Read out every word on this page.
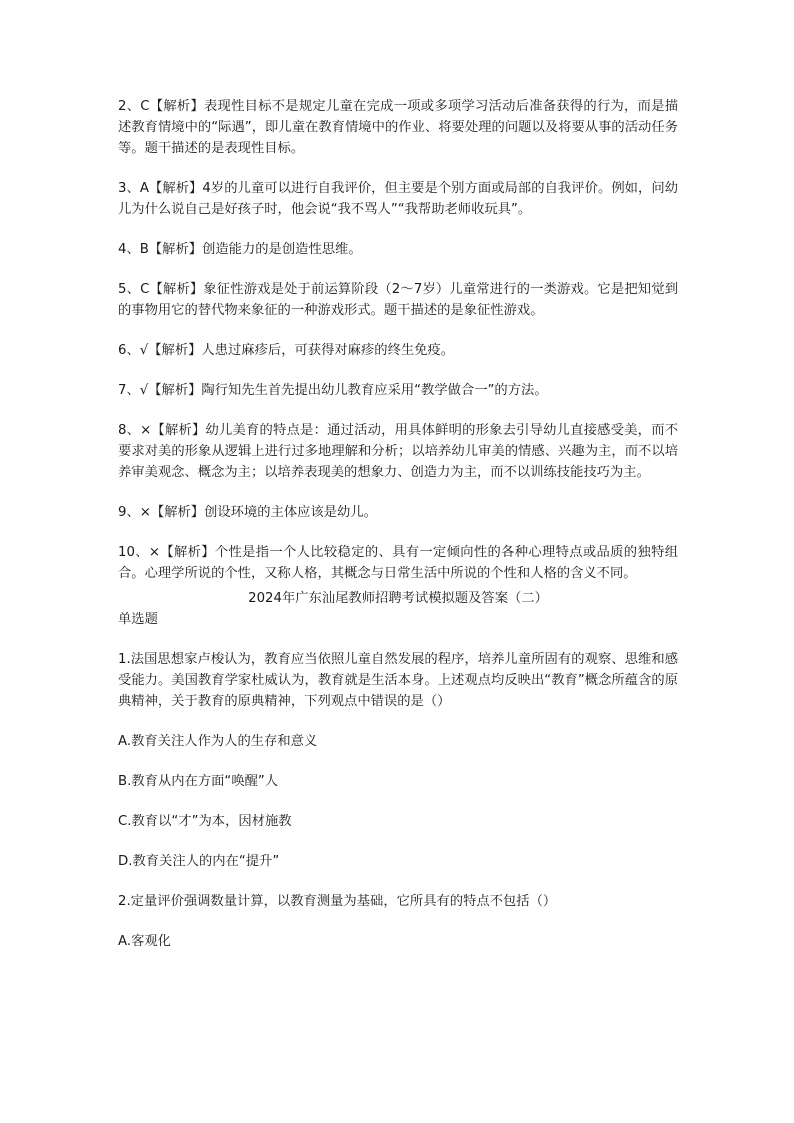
2、C【解析】表现性目标不是规定儿童在完成一项或多项学习活动后准备获得的行为，而是描述教育情境中的“际遇”，即儿童在教育情境中的作业、将要处理的问题以及将要从事的活动任务等。题干描述的是表现性目标。

3、A【解析】4岁的儿童可以进行自我评价，但主要是个别方面或局部的自我评价。例如，问幼儿为什么说自己是好孩子时，他会说“我不骂人”“我帮助老师收玩具”。

4、B【解析】创造能力的是创造性思维。

5、C【解析】象征性游戏是处于前运算阶段（2～7岁）儿童常进行的一类游戏。它是把知觉到的事物用它的替代物来象征的一种游戏形式。题干描述的是象征性游戏。

6、√【解析】人患过麻疹后，可获得对麻疹的终生免疫。

7、√【解析】陶行知先生首先提出幼儿教育应采用“教学做合一”的方法。

8、×【解析】幼儿美育的特点是：通过活动，用具体鲜明的形象去引导幼儿直接感受美，而不要求对美的形象从逻辑上进行过多地理解和分析；以培养幼儿审美的情感、兴趣为主，而不以培养审美观念、概念为主；以培养表现美的想象力、创造力为主，而不以训练技能技巧为主。

9、×【解析】创设环境的主体应该是幼儿。

10、×【解析】个性是指一个人比较稳定的、具有一定倾向性的各种心理特点或品质的独特组合。心理学所说的个性，又称人格，其概念与日常生活中所说的个性和人格的含义不同。

2024年广东汕尾教师招聘考试模拟题及答案（二）

单选题

1.法国思想家卢梭认为，教育应当依照儿童自然发展的程序，培养儿童所固有的观察、思维和感受能力。美国教育学家杜威认为，教育就是生活本身。上述观点均反映出“教育”概念所蕴含的原典精神，关于教育的原典精神，下列观点中错误的是（）

A.教育关注人作为人的生存和意义

B.教育从内在方面“唤醒”人

C.教育以“才”为本，因材施教

D.教育关注人的内在“提升”

2.定量评价强调数量计算，以教育测量为基础，它所具有的特点不包括（）

A.客观化
